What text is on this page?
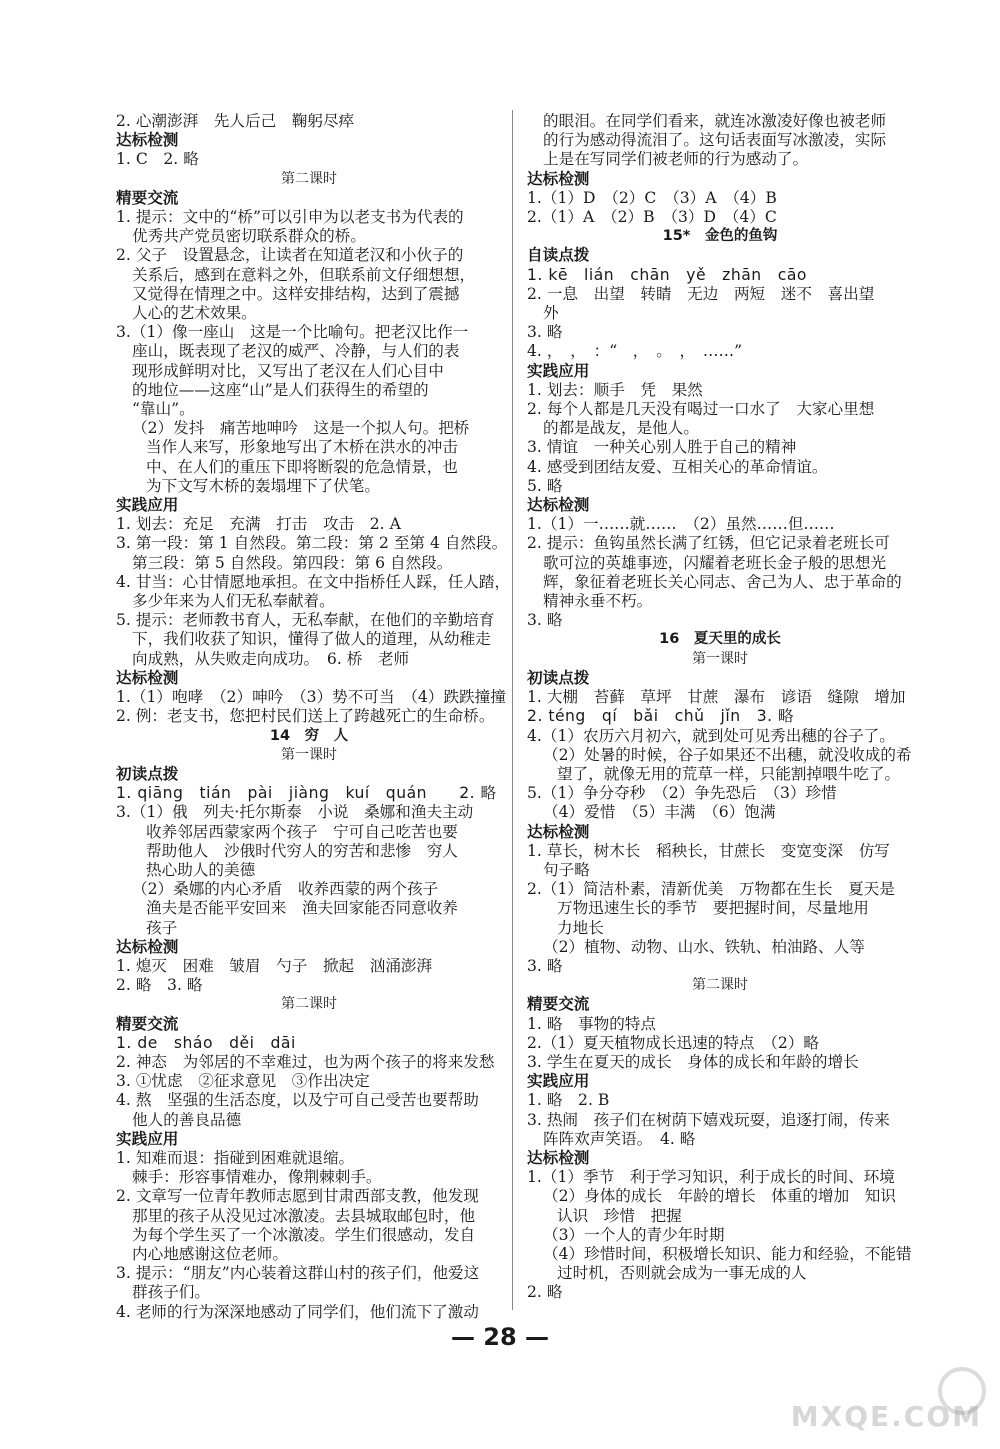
2. 心潮澎湃　先人后己　鞠躬尽瘁
达标检测
1. C　2. 略
第二课时
精要交流
1. 提示：文中的“桥”可以引申为以老支书为代表的
优秀共产党员密切联系群众的桥。
2. 父子　设置悬念，让读者在知道老汉和小伙子的
关系后，感到在意料之外，但联系前文仔细想想，
又觉得在情理之中。这样安排结构，达到了震撼
人心的艺术效果。
3.（1）像一座山　这是一个比喻句。把老汉比作一
座山，既表现了老汉的威严、冷静，与人们的表
现形成鲜明对比，又写出了老汉在人们心目中
的地位——这座“山”是人们获得生的希望的
“靠山”。
（2）发抖　痛苦地呻吟　这是一个拟人句。把桥
当作人来写，形象地写出了木桥在洪水的冲击
中、在人们的重压下即将断裂的危急情景，也
为下文写木桥的轰塌埋下了伏笔。
实践应用
1. 划去：充足　充满　打击　攻击　2. A
3. 第一段：第 1 自然段。第二段：第 2 至第 4 自然段。
第三段：第 5 自然段。第四段：第 6 自然段。
4. 甘当：心甘情愿地承担。在文中指桥任人踩，任人踏，
多少年来为人们无私奉献着。
5. 提示：老师教书育人，无私奉献，在他们的辛勤培育
下，我们收获了知识，懂得了做人的道理，从幼稚走
向成熟，从失败走向成功。　6. 桥　老师
达标检测
1.（1）咆哮　（2）呻吟　（3）势不可当　（4）跌跌撞撞
2. 例：老支书，您把村民们送上了跨越死亡的生命桥。
14　穷　人
第一课时
初读点拨
1. qiāng　tián　pài　jiàng　kuí　quán　　2. 略
3.（1）俄　列夫·托尔斯泰　小说　桑娜和渔夫主动
收养邻居西蒙家两个孩子　宁可自己吃苦也要
帮助他人　沙俄时代穷人的穷苦和悲惨　穷人
热心助人的美德
（2）桑娜的内心矛盾　收养西蒙的两个孩子
渔夫是否能平安回来　渔夫回家能否同意收养
孩子
达标检测
1. 熄灭　困难　皱眉　勺子　掀起　汹涌澎湃
2. 略　3. 略
第二课时
精要交流
1. de　sháo　děi　dāi
2. 神态　为邻居的不幸难过，也为两个孩子的将来发愁
3. ①忧虑　②征求意见　③作出决定
4. 熬　坚强的生活态度，以及宁可自己受苦也要帮助
他人的善良品德
实践应用
1. 知难而退：指碰到困难就退缩。
棘手：形容事情难办，像荆棘刺手。
2. 文章写一位青年教师志愿到甘肃西部支教，他发现
那里的孩子从没见过冰激凌。去县城取邮包时，他
为每个学生买了一个冰激凌。学生们很感动，发自
内心地感谢这位老师。
3. 提示：“朋友”内心装着这群山村的孩子们，他爱这
群孩子们。
4. 老师的行为深深地感动了同学们，他们流下了激动
的眼泪。在同学们看来，就连冰激凌好像也被老师
的行为感动得流泪了。这句话表面写冰激凌，实际
上是在写同学们被老师的行为感动了。
达标检测
1.（1）D　（2）C　（3）A　（4）B
2.（1）A　（2）B　（3）D　（4）C
15*　金色的鱼钩
自读点拨
1. kē　lián　chān　yě　zhān　cāo
2. 一息　出望　转睛　无边　两短　迷不　喜出望
外
3. 略
4. ，　，　：“　，　。　，　……”
实践应用
1. 划去：顺手　凭　果然
2. 每个人都是几天没有喝过一口水了　大家心里想
的都是战友，是他人。
3. 情谊　一种关心别人胜于自己的精神
4. 感受到团结友爱、互相关心的革命情谊。
5. 略
达标检测
1.（1）一……就……　（2）虽然……但……
2. 提示：鱼钩虽然长满了红锈，但它记录着老班长可
歌可泣的英雄事迹，闪耀着老班长金子般的思想光
辉，象征着老班长关心同志、舍己为人、忠于革命的
精神永垂不朽。
3. 略
16　夏天里的成长
第一课时
初读点拨
1. 大棚　苔藓　草坪　甘蔗　瀑布　谚语　缝隙　增加
2. téng　qí　bǎi　chǔ　jǐn　3. 略
4.（1）农历六月初六，就到处可见秀出穗的谷子了。
（2）处暑的时候，谷子如果还不出穗，就没收成的希
望了，就像无用的荒草一样，只能割掉喂牛吃了。
5.（1）争分夺秒　（2）争先恐后　（3）珍惜
（4）爱惜　（5）丰满　（6）饱满
达标检测
1. 草长，树木长　稻秧长，甘蔗长　变宽变深　仿写
句子略
2.（1）简洁朴素，清新优美　万物都在生长　夏天是
万物迅速生长的季节　要把握时间，尽量地用
力地长
（2）植物、动物、山水、铁轨、柏油路、人等
3. 略
第二课时
精要交流
1. 略　事物的特点
2.（1）夏天植物成长迅速的特点　（2）略
3. 学生在夏天的成长　身体的成长和年龄的增长
实践应用
1. 略　2. B
3. 热闹　孩子们在树荫下嬉戏玩耍，追逐打闹，传来
阵阵欢声笑语。　4. 略
达标检测
1.（1）季节　利于学习知识，利于成长的时间、环境
（2）身体的成长　年龄的增长　体重的增加　知识
认识　珍惜　把握
（3）一个人的青少年时期
（4）珍惜时间，积极增长知识、能力和经验，不能错
过时机，否则就会成为一事无成的人
2. 略
— 28 —
MXQE.COM
